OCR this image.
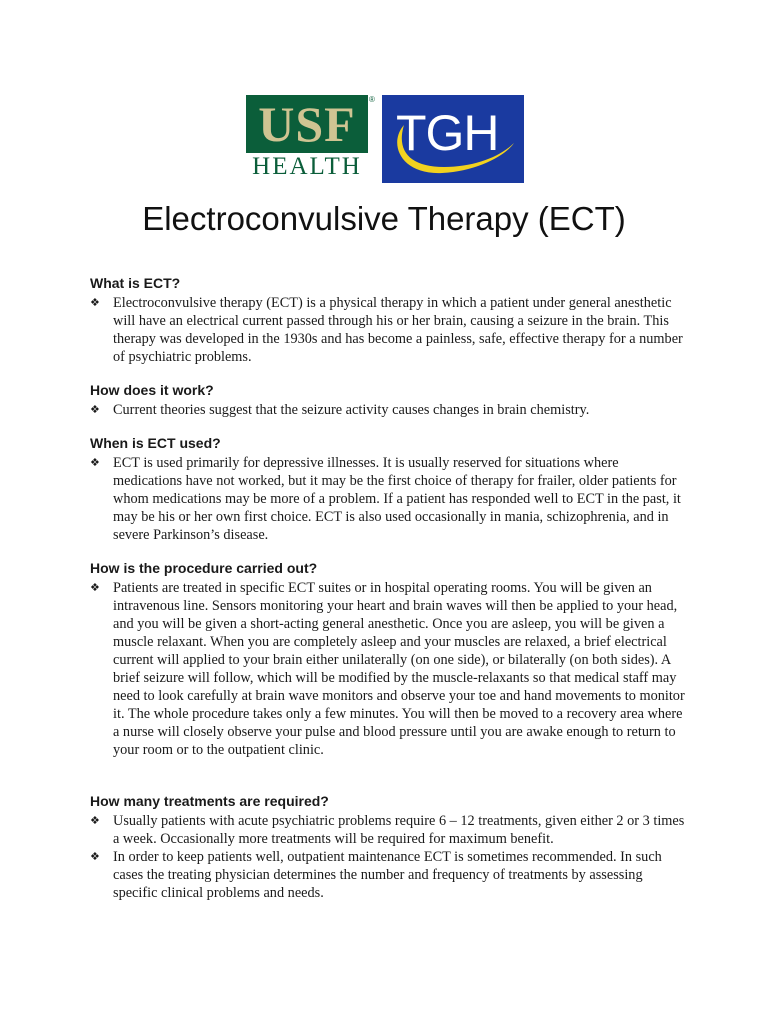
USF	®
HEALTH
TGH
Electroconvulsive Therapy (ECT)
What is ECT?
❖ Electroconvulsive therapy (ECT) is a physical therapy in which a patient under general anesthetic will have an electrical current passed through his or her brain, causing a seizure in the brain. This therapy was developed in the 1930s and has become a painless, safe, effective therapy for a number of psychiatric problems.
How does it work?
❖ Current theories suggest that the seizure activity causes changes in brain chemistry.
When is ECT used?
❖ ECT is used primarily for depressive illnesses. It is usually reserved for situations where medications have not worked, but it may be the first choice of therapy for frailer, older patients for whom medications may be more of a problem. If a patient has responded well to ECT in the past, it may be his or her own first choice. ECT is also used occasionally in mania, schizophrenia, and in severe Parkinson’s disease.
How is the procedure carried out?
❖ Patients are treated in specific ECT suites or in hospital operating rooms. You will be given an intravenous line. Sensors monitoring your heart and brain waves will then be applied to your head, and you will be given a short-acting general anesthetic. Once you are asleep, you will be given a muscle relaxant. When you are completely asleep and your muscles are relaxed, a brief electrical current will applied to your brain either unilaterally (on one side), or bilaterally (on both sides). A brief seizure will follow, which will be modified by the muscle-relaxants so that medical staff may need to look carefully at brain wave monitors and observe your toe and hand movements to monitor it. The whole procedure takes only a few minutes. You will then be moved to a recovery area where a nurse will closely observe your pulse and blood pressure until you are awake enough to return to your room or to the outpatient clinic.
How many treatments are required?
❖ Usually patients with acute psychiatric problems require 6 – 12 treatments, given either 2 or 3 times a week. Occasionally more treatments will be required for maximum benefit.
❖ In order to keep patients well, outpatient maintenance ECT is sometimes recommended. In such cases the treating physician determines the number and frequency of treatments by assessing specific clinical problems and needs.
